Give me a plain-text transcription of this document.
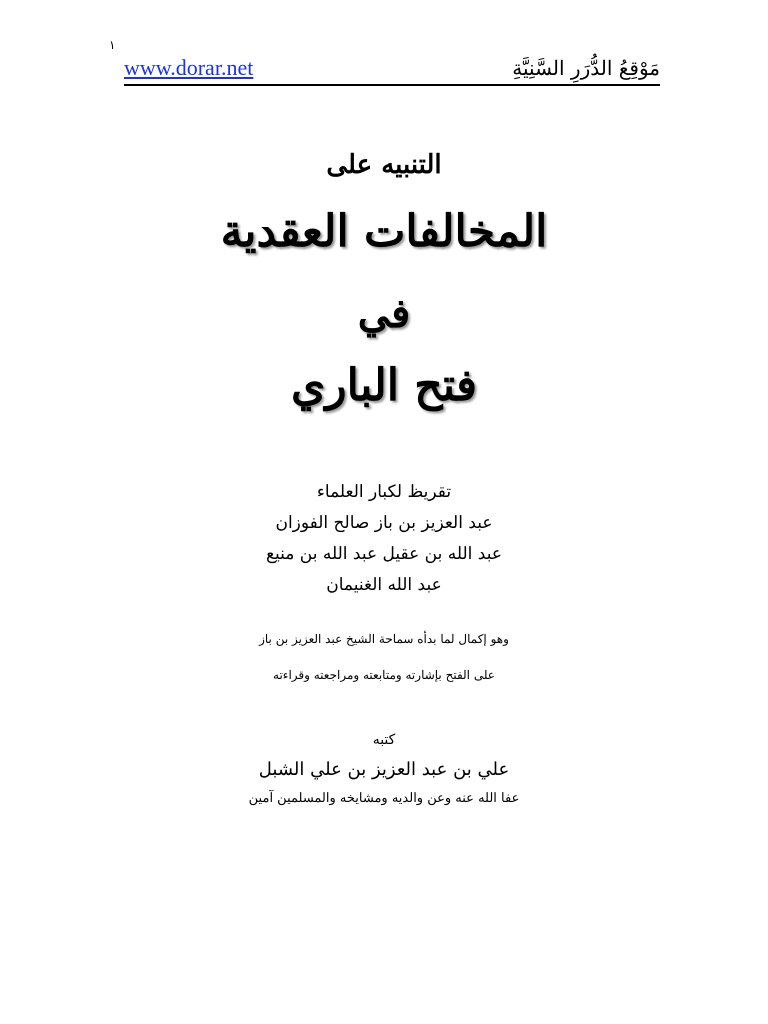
١
www.dorar.net	مَوْقِعُ الدُّرَرِ السَّنِيَّةِ
التنبيه على
المخالفات العقدية
في
فتح الباري
تقريظ لكبار العلماء
عبد العزيز بن باز صالح الفوزان
عبد الله بن عقيل عبد الله بن منيع
عبد الله الغنيمان
وهو إكمال لما بدأه سماحة الشيخ عبد العزيز بن باز
على الفتح بإشارته ومتابعته ومراجعته وقراءته
كتبه
علي بن عبد العزيز بن علي الشبل
عفا الله عنه وعن والديه ومشايخه والمسلمين آمين
